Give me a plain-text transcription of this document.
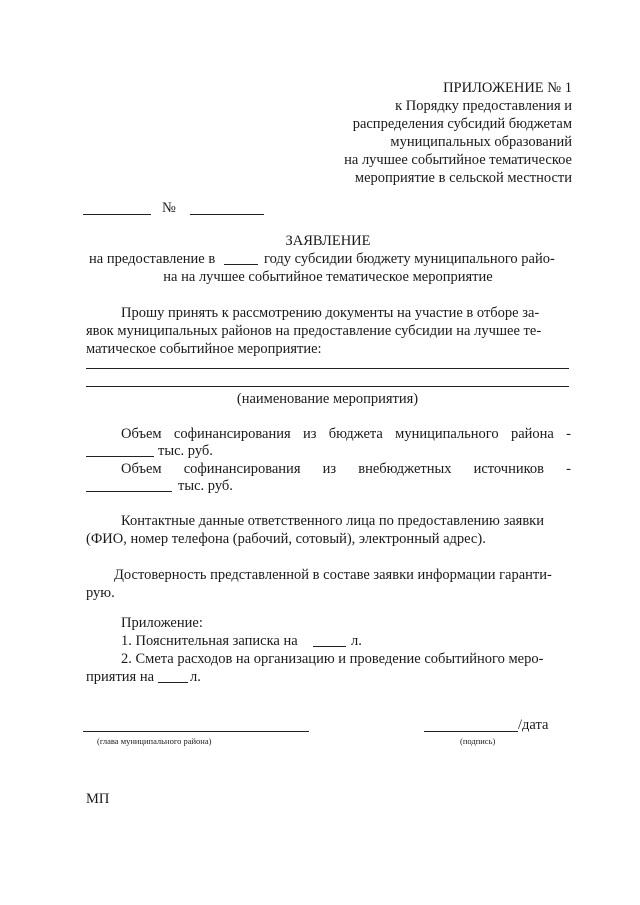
ПРИЛОЖЕНИЕ № 1
к Порядку предоставления и
распределения субсидий бюджетам
муниципальных образований
на лучшее событийное тематическое
мероприятие в сельской местности
№
ЗАЯВЛЕНИЕ
на предоставление в	году субсидии бюджету муниципального райо-
на на лучшее событийное тематическое мероприятие
Прошу принять к рассмотрению документы на участие в отборе за-
явок муниципальных районов на предоставление субсидии на лучшее те-
матическое событийное мероприятие:
(наименование мероприятия)
Объем софинансирования из бюджета муниципального района -
тыс. руб.
Объем софинансирования из внебюджетных источников -
тыс. руб.
Контактные данные ответственного лица по предоставлению заявки
(ФИО, номер телефона (рабочий, сотовый), электронный адрес).
Достоверность представленной в составе заявки информации гаранти-
рую.
Приложение:
1. Пояснительная записка на	л.
2. Смета расходов на организацию и проведение событийного меро-
приятия на л.
(глава муниципального района)
/дата
(подпись)
МП
